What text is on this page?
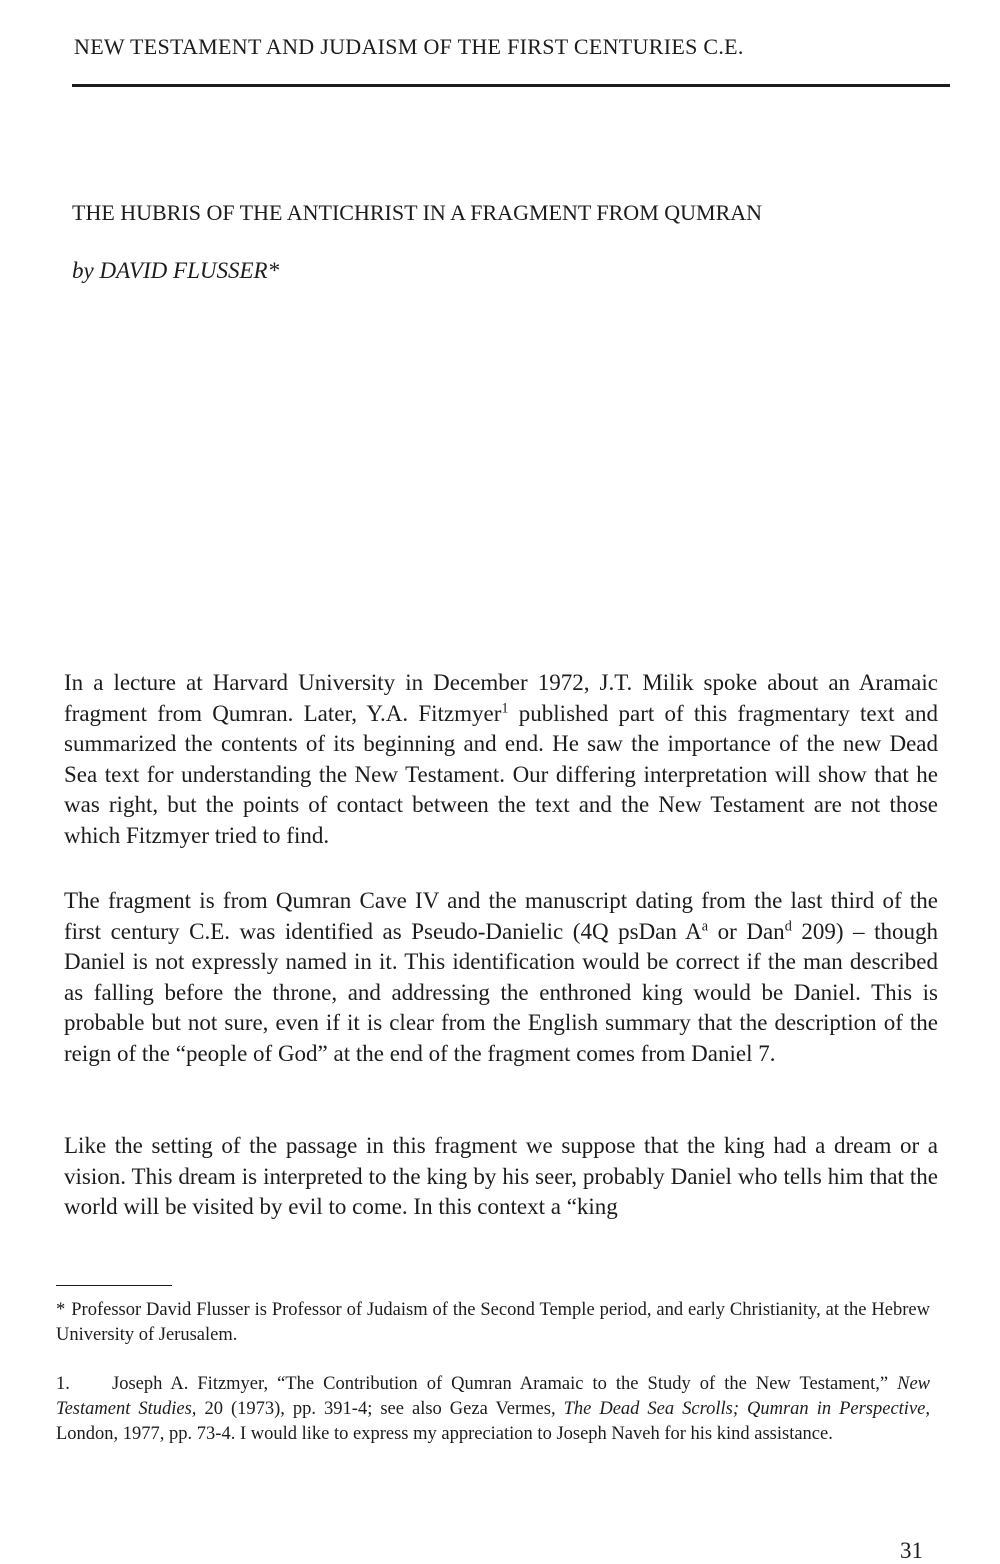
NEW TESTAMENT AND JUDAISM OF THE FIRST CENTURIES C.E.
THE HUBRIS OF THE ANTICHRIST IN A FRAGMENT FROM QUMRAN
by DAVID FLUSSER*

In a lecture at Harvard University in December 1972, J.T. Milik spoke about an Aramaic fragment from Qumran. Later, Y.A. Fitzmyer$^1$ published part of this fragmentary text and summarized the contents of its beginning and end. He saw the importance of the new Dead Sea text for understanding the New Testament. Our differing interpretation will show that he was right, but the points of contact between the text and the New Testament are not those which Fitzmyer tried to find.

The fragment is from Qumran Cave IV and the manuscript dating from the last third of the first century C.E. was identified as Pseudo-Danielic (4Q psDan $A^a$ or Dan$^d$ 209) – though Daniel is not expressly named in it. This identification would be correct if the man described as falling before the throne, and addressing the enthroned king would be Daniel. This is probable but not sure, even if it is clear from the English summary that the description of the reign of the “people of God” at the end of the fragment comes from Daniel 7.

Like the setting of the passage in this fragment we suppose that the king had a dream or a vision. This dream is interpreted to the king by his seer, probably Daniel who tells him that the world will be visited by evil to come. In this context a “king

* Professor David Flusser is Professor of Judaism of the Second Temple period, and early Christianity, at the Hebrew University of Jerusalem.

1. Joseph A. Fitzmyer, “The Contribution of Qumran Aramaic to the Study of the New Testament,” New Testament Studies, 20 (1973), pp. 391-4; see also Geza Vermes, The Dead Sea Scrolls; Qumran in Perspective, London, 1977, pp. 73-4. I would like to express my appreciation to Joseph Naveh for his kind assistance.

31
